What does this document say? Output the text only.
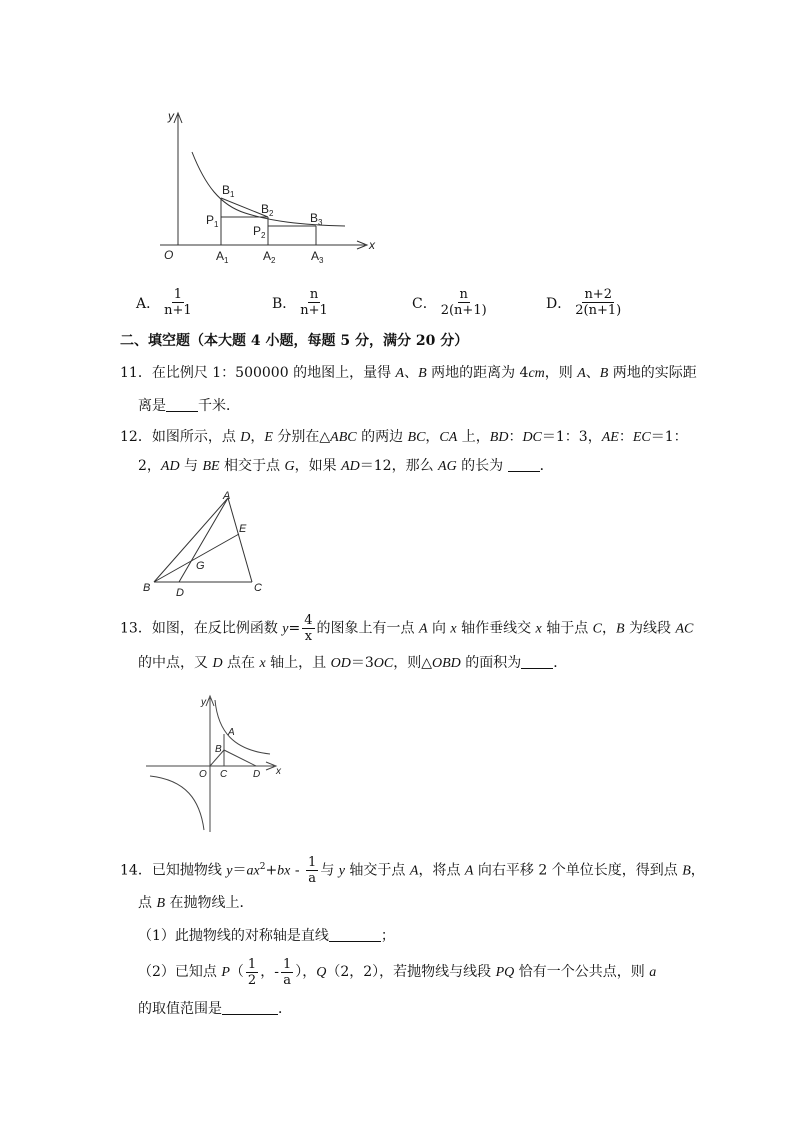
y
x
O
$B_1$
$B_2$	$B_3$
$P_1$	$P_2$
$A_1$	$A_2$	$A_3$
A． $\frac{1}{n+1}$	B． $\frac{n}{n+1}$	C． $\frac{n}{2(n+1)}$	D． $\frac{n+2}{2(n+1)}$
二、填空题（本大题 4 小题，每题 5 分，满分 20 分）
11．在比例尺 1：500000 的地图上，量得 A、B 两地的距离为 4cm，则 A、B 两地的实际距
离是 千米．
12．如图所示，点 D，E 分别在△ABC 的两边 BC，CA 上，BD：DC＝1：3，AE：EC＝1：
2，AD 与 BE 相交于点 G，如果 AD＝12，那么 AG 的长为 ．
A
B	C
D
E
G
13．如图，在反比例函数 $y= \frac{4}{x}$ 的图象上有一点 A 向 x 轴作垂线交 x 轴于点 C，B 为线段 AC
的中点，又 D 点在 x 轴上，且 OD＝3OC，则△OBD 的面积为 ．
y
x
O
A
B
C	D
14．已知抛物线 $y=ax^2+bx - \frac{1}{a}$ 与 y 轴交于点 A，将点 A 向右平移 2 个单位长度，得到点 B，
点 B 在抛物线上．
（1）此抛物线的对称轴是直线	；
（2）已知点 $P( \frac{1}{2}$ ，- $\frac{1}{a}$ ），Q（2，2），若抛物线与线段 PQ 恰有一个公共点，则 a
的取值范围是	．
